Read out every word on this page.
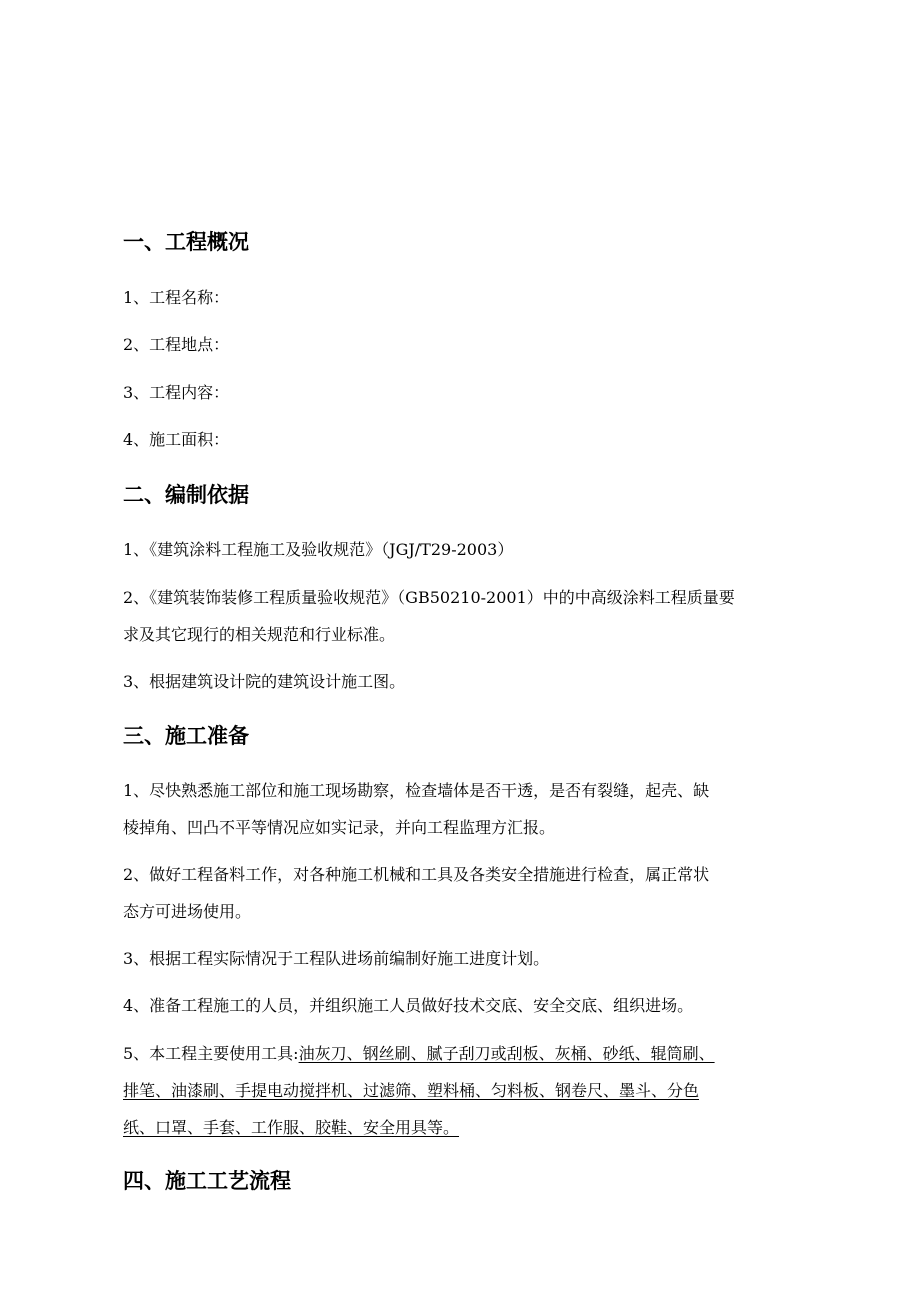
一、工程概况
1、工程名称：
2、工程地点：
3、工程内容：
4、施工面积：
二、编制依据
1、《建筑涂料工程施工及验收规范》（JGJ/T29-2003）
2、《建筑装饰装修工程质量验收规范》（GB50210-2001）中的中高级涂料工程质量要
求及其它现行的相关规范和行业标准。
3、根据建筑设计院的建筑设计施工图。
三、施工准备
1、尽快熟悉施工部位和施工现场勘察，检查墙体是否干透，是否有裂缝，起壳、缺
棱掉角、凹凸不平等情况应如实记录，并向工程监理方汇报。
2、做好工程备料工作，对各种施工机械和工具及各类安全措施进行检查，属正常状
态方可进场使用。
3、根据工程实际情况于工程队进场前编制好施工进度计划。
4、准备工程施工的人员，并组织施工人员做好技术交底、安全交底、组织进场。
5、本工程主要使用工具:油灰刀、钢丝刷、腻子刮刀或刮板、灰桶、砂纸、辊筒刷、
排笔、油漆刷、手提电动搅拌机、过滤筛、塑料桶、匀料板、钢卷尺、墨斗、分色
纸、口罩、手套、工作服、胶鞋、安全用具等。
四、施工工艺流程
